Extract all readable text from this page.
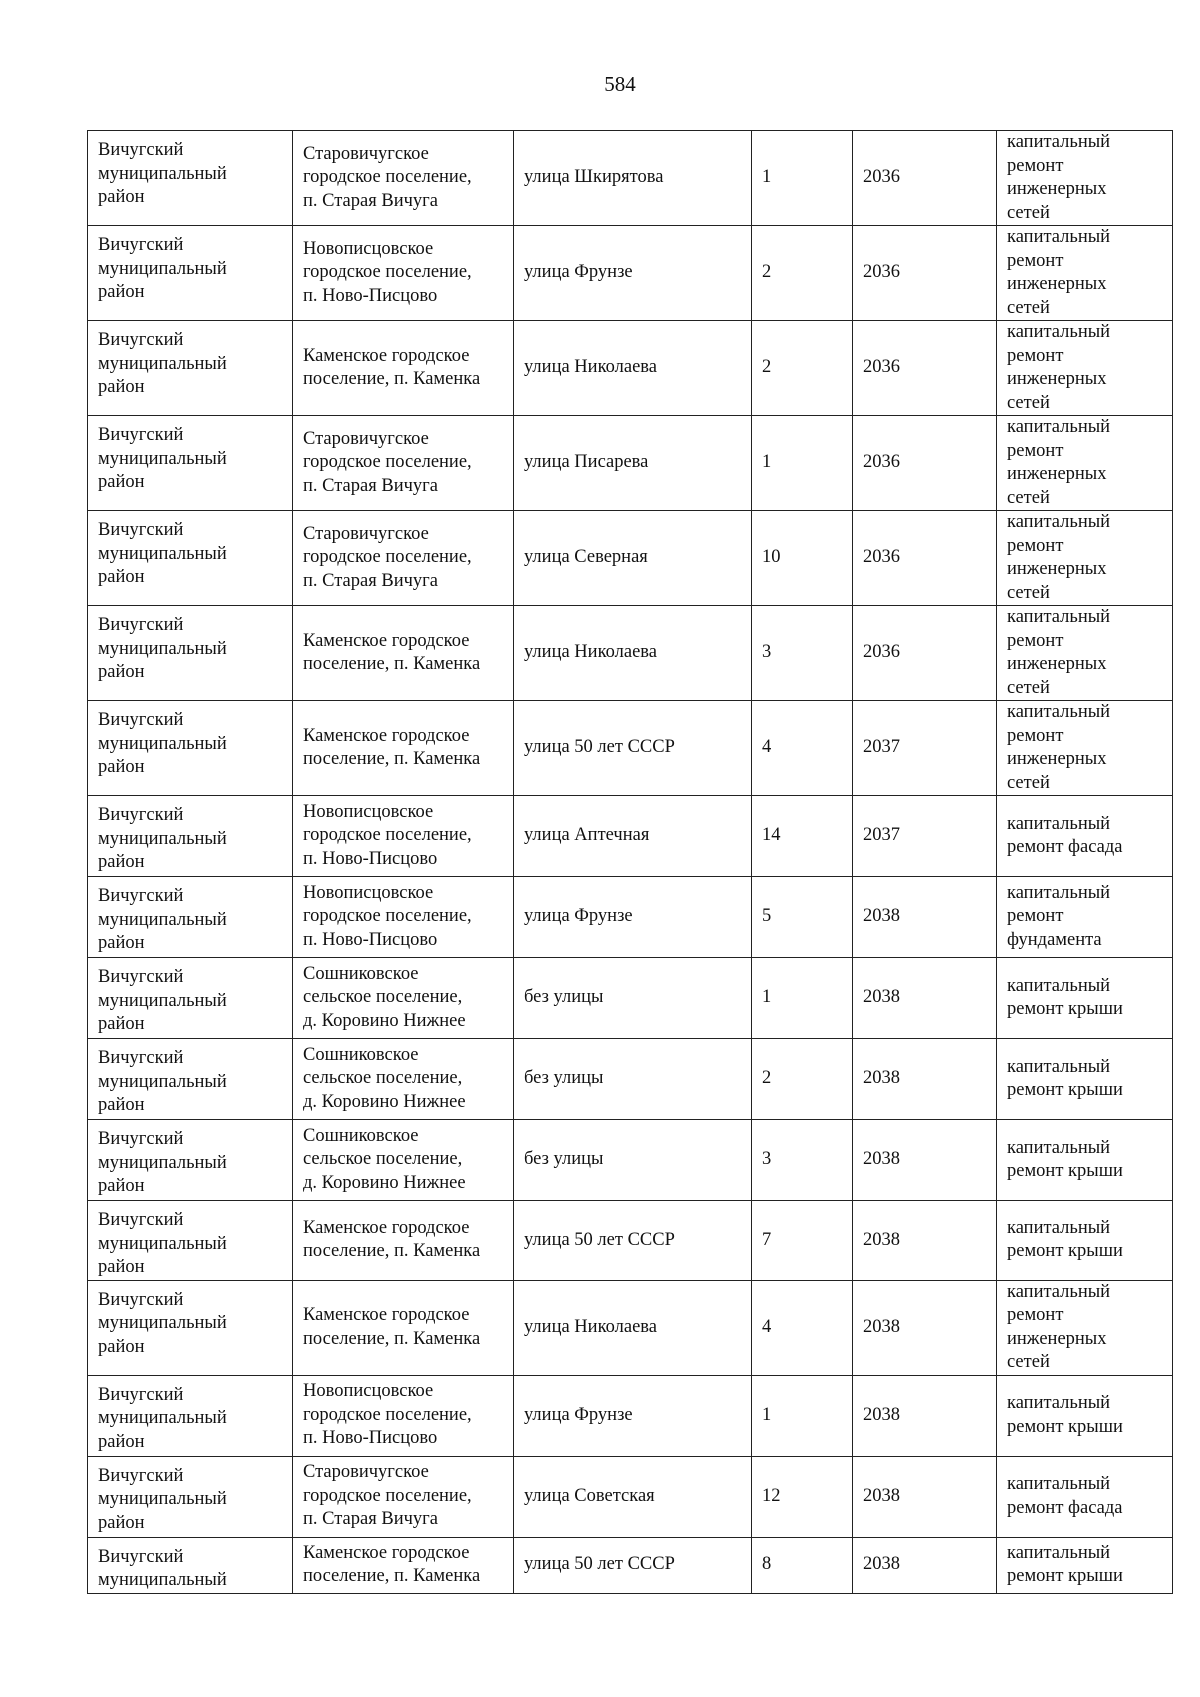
584
Вичугский
муниципальный
район	Старовичугское
городское поселение,
п. Старая Вичуга	улица Шкирятова	1	2036	капитальный
ремонт
инженерных
сетей
Вичугский
муниципальный
район	Новописцовское
городское поселение,
п. Ново-Писцово	улица Фрунзе	2	2036	капитальный
ремонт
инженерных
сетей
Вичугский
муниципальный
район	Каменское городское
поселение, п. Каменка	улица Николаева	2	2036	капитальный
ремонт
инженерных
сетей
Вичугский
муниципальный
район	Старовичугское
городское поселение,
п. Старая Вичуга	улица Писарева	1	2036	капитальный
ремонт
инженерных
сетей
Вичугский
муниципальный
район	Старовичугское
городское поселение,
п. Старая Вичуга	улица Северная	10	2036	капитальный
ремонт
инженерных
сетей
Вичугский
муниципальный
район	Каменское городское
поселение, п. Каменка	улица Николаева	3	2036	капитальный
ремонт
инженерных
сетей
Вичугский
муниципальный
район	Каменское городское
поселение, п. Каменка	улица 50 лет СССР	4	2037	капитальный
ремонт
инженерных
сетей
Вичугский
муниципальный
район	Новописцовское
городское поселение,
п. Ново-Писцово	улица Аптечная	14	2037	капитальный
ремонт фасада
Вичугский
муниципальный
район	Новописцовское
городское поселение,
п. Ново-Писцово	улица Фрунзе	5	2038	капитальный
ремонт
фундамента
Вичугский
муниципальный
район	Сошниковское
сельское поселение,
д. Коровино Нижнее	без улицы	1	2038	капитальный
ремонт крыши
Вичугский
муниципальный
район	Сошниковское
сельское поселение,
д. Коровино Нижнее	без улицы	2	2038	капитальный
ремонт крыши
Вичугский
муниципальный
район	Сошниковское
сельское поселение,
д. Коровино Нижнее	без улицы	3	2038	капитальный
ремонт крыши
Вичугский
муниципальный
район	Каменское городское
поселение, п. Каменка	улица 50 лет СССР	7	2038	капитальный
ремонт крыши
Вичугский
муниципальный
район	Каменское городское
поселение, п. Каменка	улица Николаева	4	2038	капитальный
ремонт
инженерных
сетей
Вичугский
муниципальный
район	Новописцовское
городское поселение,
п. Ново-Писцово	улица Фрунзе	1	2038	капитальный
ремонт крыши
Вичугский
муниципальный
район	Старовичугское
городское поселение,
п. Старая Вичуга	улица Советская	12	2038	капитальный
ремонт фасада
Вичугский
муниципальный	Каменское городское
поселение, п. Каменка	улица 50 лет СССР	8	2038	капитальный
ремонт крыши
